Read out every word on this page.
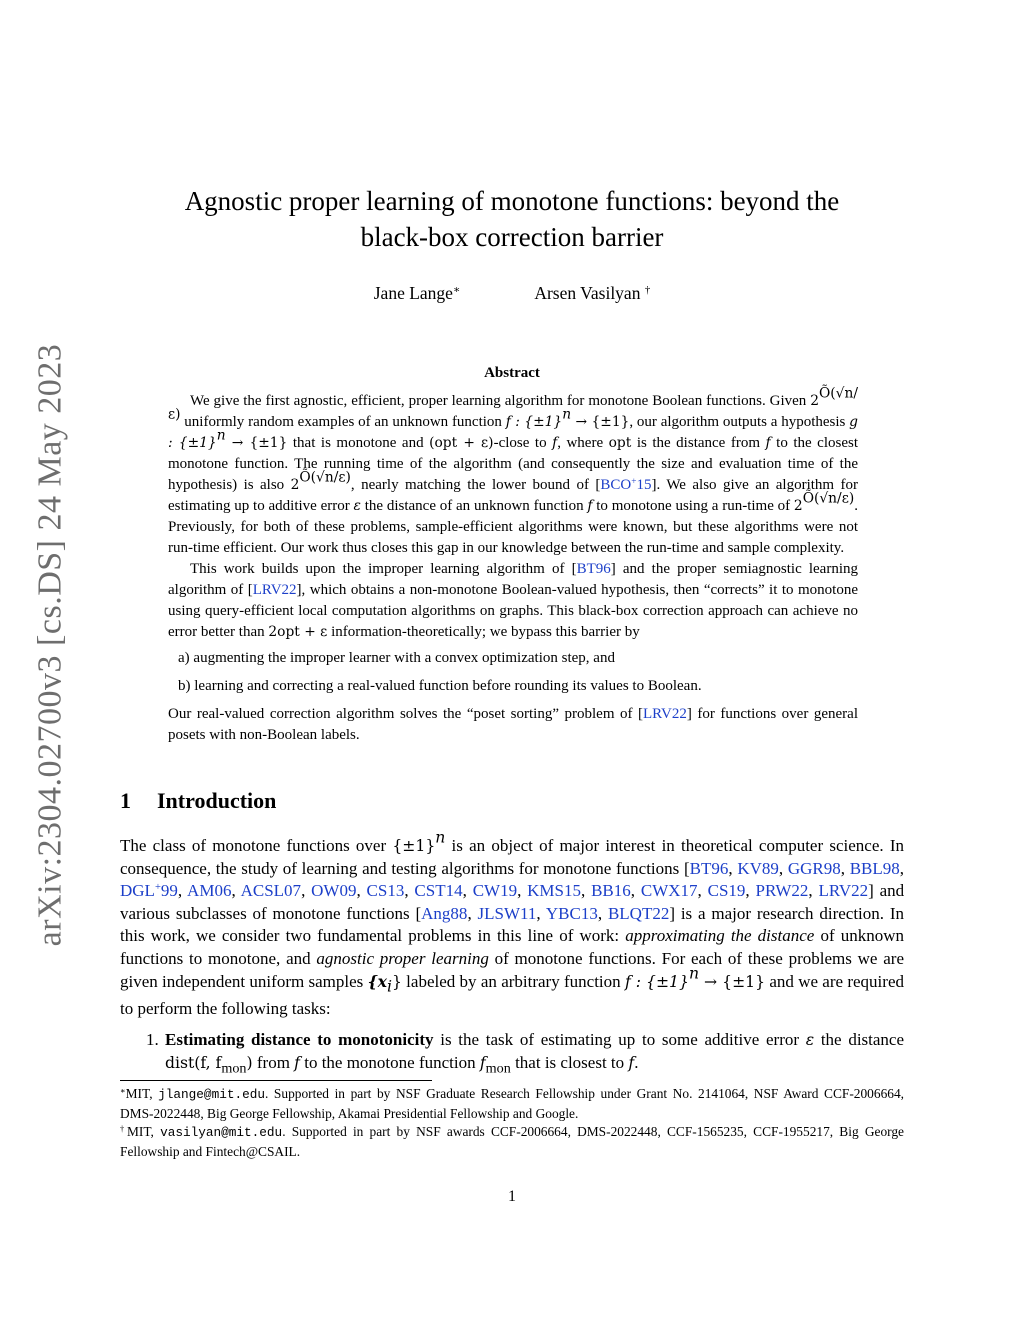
arXiv:2304.02700v3 [cs.DS] 24 May 2023
Agnostic proper learning of monotone functions: beyond the
black-box correction barrier
Jane Lange∗	Arsen Vasilyan †
Abstract

We give the first agnostic, efficient, proper learning algorithm for monotone Boolean functions. Given $2^{Õ(√n/\varepsilon)}$ uniformly random examples of an unknown function f : $\{\pm 1\}^n \to \{\pm 1\}$, our algorithm outputs a hypothesis g : $\{\pm 1\}^n \to \{\pm 1\}$ that is monotone and (opt + ε)-close to f, where opt is the distance from f to the closest monotone function. The running time of the algorithm (and consequently the size and evaluation time of the hypothesis) is also $2^{Õ(√n/\varepsilon)}$, nearly matching the lower bound of [BCO+15]. We also give an algorithm for estimating up to additive error ε the distance of an unknown function f to monotone using a run-time of $2^{Õ(√n/\varepsilon)}$. Previously, for both of these problems, sample-efficient algorithms were known, but these algorithms were not run-time efficient. Our work thus closes this gap in our knowledge between the run-time and sample complexity.

This work builds upon the improper learning algorithm of [BT96] and the proper semiagnostic learning algorithm of [LRV22], which obtains a non-monotone Boolean-valued hypothesis, then “corrects” it to monotone using query-efficient local computation algorithms on graphs. This black-box correction approach can achieve no error better than 2opt + ε information-theoretically; we bypass this barrier by

a) augmenting the improper learner with a convex optimization step, and
b) learning and correcting a real-valued function before rounding its values to Boolean.

Our real-valued correction algorithm solves the “poset sorting” problem of [LRV22] for functions over general posets with non-Boolean labels.

1 Introduction

The class of monotone functions over $\{\pm 1\}^n$ is an object of major interest in theoretical computer science. In consequence, the study of learning and testing algorithms for monotone functions [BT96, KV89, GGR98, BBL98, DGL+99, AM06, ACSL07, OW09, CS13, CST14, CW19, KMS15, BB16, CWX17, CS19, PRW22, LRV22] and various subclasses of monotone functions [Ang88, JLSW11, YBC13, BLQT22] is a major research direction. In this work, we consider two fundamental problems in this line of work: approximating the distance of unknown functions to monotone, and agnostic proper learning of monotone functions. For each of these problems we are given independent uniform samples $\{x_i\}$ labeled by an arbitrary function f : $\{\pm 1\}^n \to \{\pm 1\}$ and we are required to perform the following tasks:

1. Estimating distance to monotonicity is the task of estimating up to some additive error ε the distance dist(f, $f_{mon}$) from f to the monotone function $f_{mon}$ that is closest to f.

∗MIT, jlange@mit.edu. Supported in part by NSF Graduate Research Fellowship under Grant No. 2141064, NSF Award CCF-2006664, DMS-2022448, Big George Fellowship, Akamai Presidential Fellowship and Google.

†MIT, vasilyan@mit.edu. Supported in part by NSF awards CCF-2006664, DMS-2022448, CCF-1565235, CCF-1955217, Big George Fellowship and Fintech@CSAIL.

1
